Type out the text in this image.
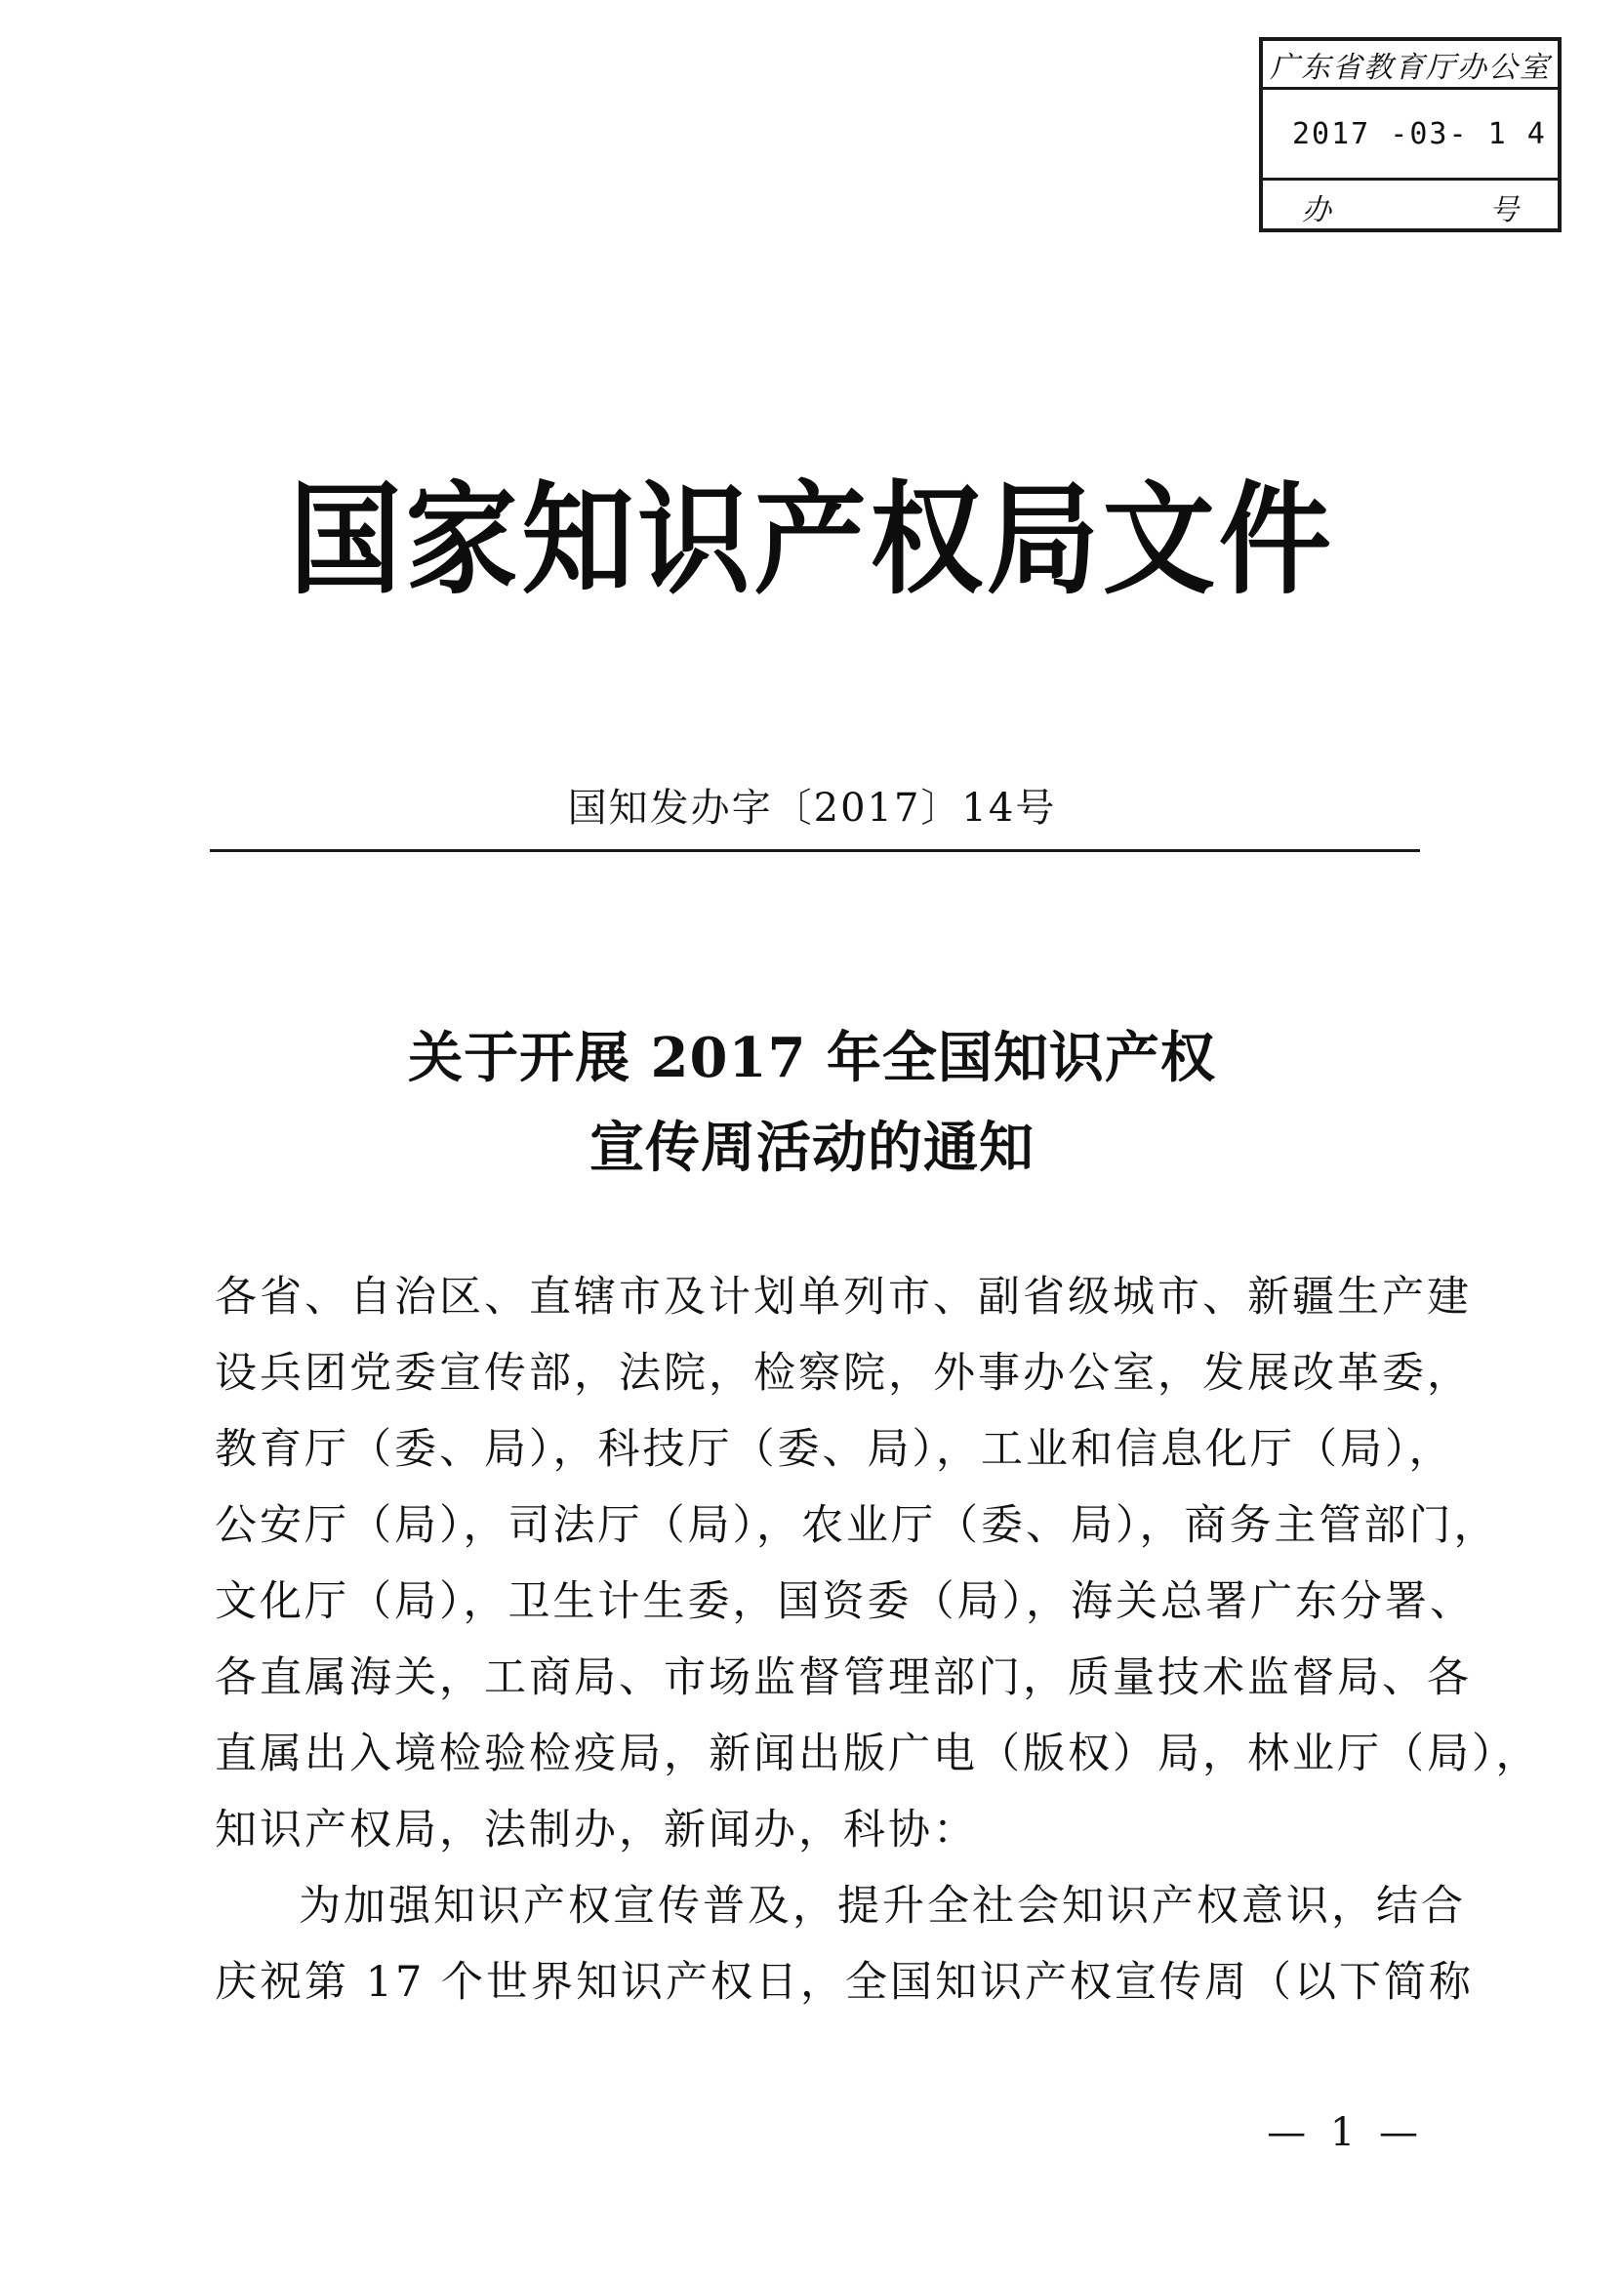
广东省教育厅办公室
2017 -03- 1 4
办	号
国家知识产权局文件
国知发办字〔2017〕14号
关于开展 2017 年全国知识产权
宣传周活动的通知
各省、自治区、直辖市及计划单列市、副省级城市、新疆生产建
设兵团党委宣传部，法院，检察院，外事办公室，发展改革委，
教育厅（委、局），科技厅（委、局），工业和信息化厅（局），
公安厅（局），司法厅（局），农业厅（委、局），商务主管部门，
文化厅（局），卫生计生委，国资委（局），海关总署广东分署、
各直属海关，工商局、市场监督管理部门，质量技术监督局、各
直属出入境检验检疫局，新闻出版广电（版权）局，林业厅（局），
知识产权局，法制办，新闻办，科协：
为加强知识产权宣传普及，提升全社会知识产权意识，结合
庆祝第 17 个世界知识产权日，全国知识产权宣传周（以下简称
— 1 —
